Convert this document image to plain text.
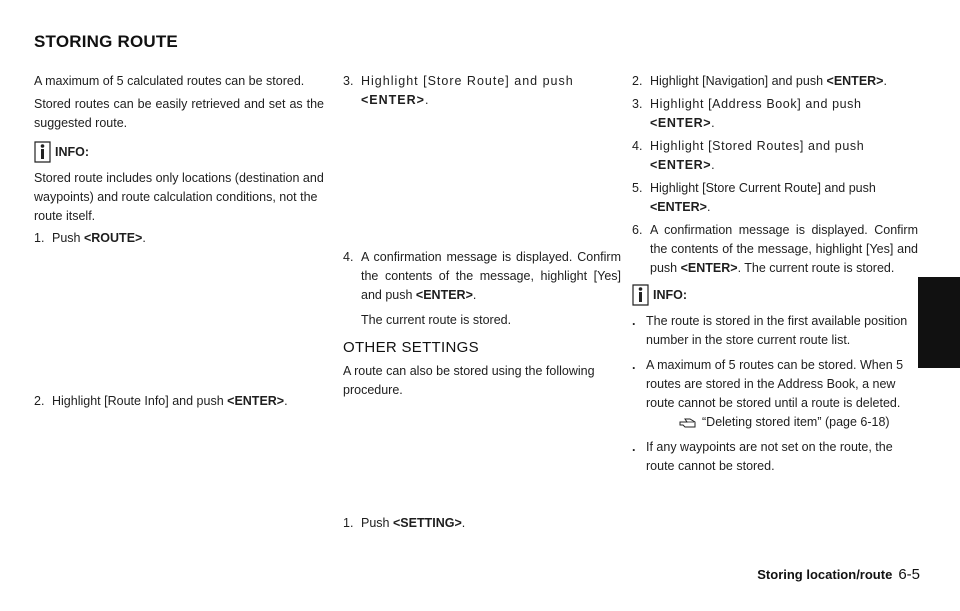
STORING ROUTE

A maximum of 5 calculated routes can be stored.

Stored routes can be easily retrieved and set as the suggested route.

INFO:

Stored route includes only locations (destination and waypoints) and route calculation conditions, not the route itself.

1. Push <ROUTE>.
2. Highlight [Route Info] and push <ENTER>.
3. Highlight [Store Route] and push <ENTER>.
4. A confirmation message is displayed. Confirm the contents of the message, highlight [Yes] and push <ENTER>.

The current route is stored.

OTHER SETTINGS

A route can also be stored using the following procedure.

1. Push <SETTING>.
2. Highlight [Navigation] and push <ENTER>.
3. Highlight [Address Book] and push <ENTER>.
4. Highlight [Stored Routes] and push <ENTER>.
5. Highlight [Store Current Route] and push <ENTER>.
6. A confirmation message is displayed. Confirm the contents of the message, highlight [Yes] and push <ENTER>. The current route is stored.
INFO:
. The route is stored in the first available position number in the store current route list.
. A maximum of 5 routes can be stored. When 5 routes are stored in the Address Book, a new route cannot be stored until a route is deleted.
“Deleting stored item” (page 6-18)
. If any waypoints are not set on the route, the route cannot be stored.
Storing location/route 6-5
